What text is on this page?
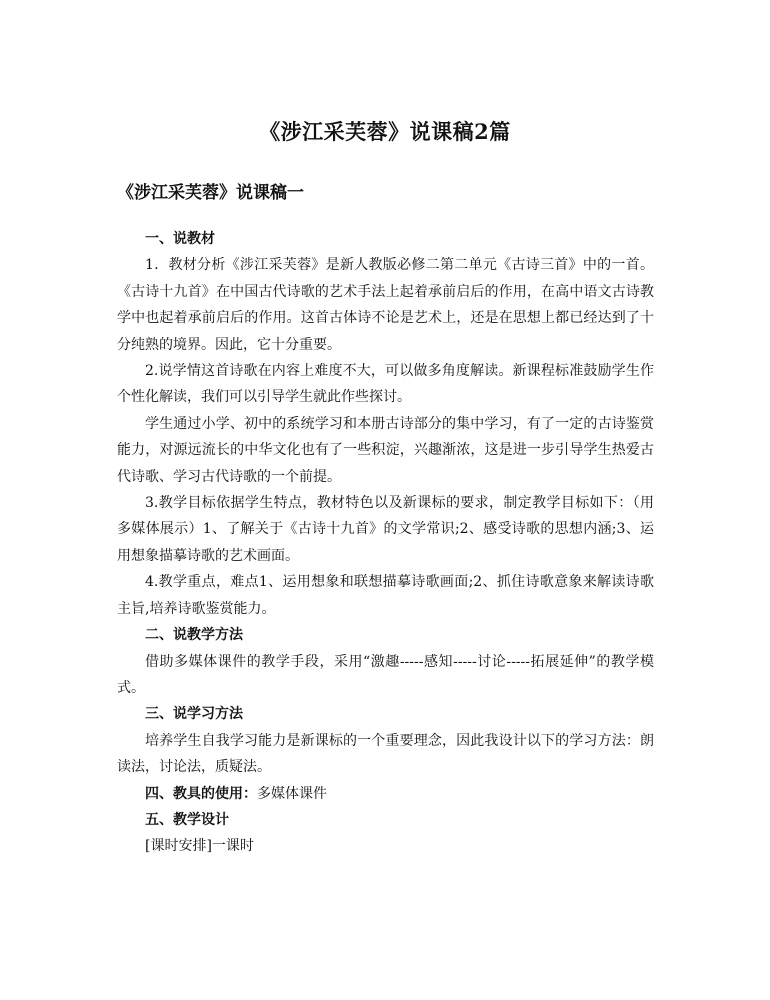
《涉江采芙蓉》说课稿2篇
《涉江采芙蓉》说课稿一

一、说教材

1．教材分析《涉江采芙蓉》是新人教版必修二第二单元《古诗三首》中的一首。《古诗十九首》在中国古代诗歌的艺术手法上起着承前启后的作用，在高中语文古诗教学中也起着承前启后的作用。这首古体诗不论是艺术上，还是在思想上都已经达到了十分纯熟的境界。因此，它十分重要。

2.说学情这首诗歌在内容上难度不大，可以做多角度解读。新课程标准鼓励学生作个性化解读，我们可以引导学生就此作些探讨。

学生通过小学、初中的系统学习和本册古诗部分的集中学习，有了一定的古诗鉴赏能力，对源远流长的中华文化也有了一些积淀，兴趣渐浓，这是进一步引导学生热爱古代诗歌、学习古代诗歌的一个前提。

3.教学目标依据学生特点，教材特色以及新课标的要求，制定教学目标如下：（用多媒体展示）1、了解关于《古诗十九首》的文学常识;2、感受诗歌的思想内涵;3、运用想象描摹诗歌的艺术画面。

4.教学重点，难点1、运用想象和联想描摹诗歌画面;2、抓住诗歌意象来解读诗歌主旨,培养诗歌鉴赏能力。

二、说教学方法

借助多媒体课件的教学手段，采用“激趣-----感知-----讨论-----拓展延伸”的教学模式。

三、说学习方法

培养学生自我学习能力是新课标的一个重要理念，因此我设计以下的学习方法：朗读法，讨论法，质疑法。

四、教具的使用：多媒体课件

五、教学设计

[课时安排]一课时
